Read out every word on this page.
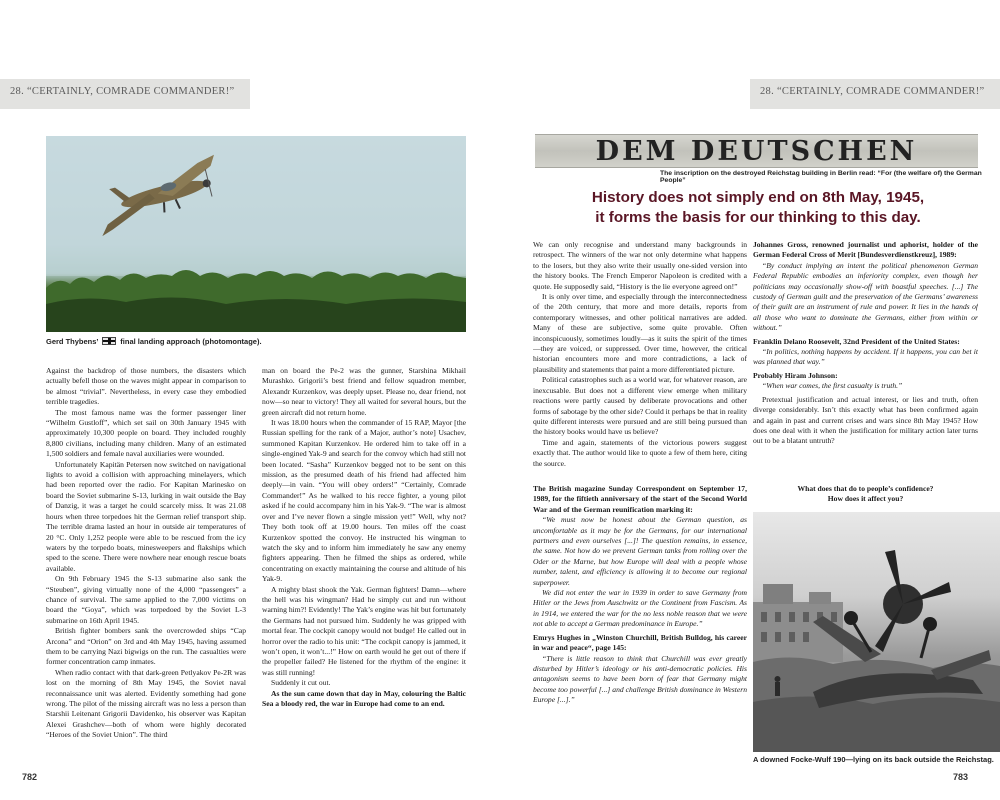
28. “CERTAINLY, COMRADE COMMANDER!”
Gerd Thybens’	final landing approach (photomontage).

Against the backdrop of those numbers, the disasters which actually befell those on the waves might appear in comparison to be almost “trivial”. Nevertheless, in every case they embodied terrible tragedies.

The most famous name was the former passenger liner “Wilhelm Gustloff”, which set sail on 30th January 1945 with approximately 10,300 people on board. They included roughly 8,800 civilians, including many children. Many of an estimated 1,500 soldiers and female naval auxiliaries were wounded.

Unfortunately Kapitän Petersen now switched on navigational lights to avoid a collision with approaching minelayers, which had been reported over the radio. For Kapitan Marinesko on board the Soviet submarine S-13, lurking in wait outside the Bay of Danzig, it was a target he could scarcely miss. It was 21.08 hours when three torpedoes hit the German relief transport ship. The terrible drama lasted an hour in outside air temperatures of 20 °C. Only 1,252 people were able to be rescued from the icy waters by the torpedo boats, minesweepers and flakships which sped to the scene. There were nowhere near enough rescue boats available.

On 9th February 1945 the S-13 submarine also sank the “Steuben”, giving virtually none of the 4,000 “passengers” a chance of survival. The same applied to the 7,000 victims on board the “Goya”, which was torpedoed by the Soviet L-3 submarine on 16th April 1945.

British fighter bombers sank the overcrowded ships “Cap Arcona” and “Orion” on 3rd and 4th May 1945, having assumed them to be carrying Nazi bigwigs on the run. The casualties were former concentration camp inmates.

When radio contact with that dark-green Petlyakov Pe-2R was lost on the morning of 8th May 1945, the Soviet naval reconnaissance unit was alerted. Evidently something had gone wrong. The pilot of the missing aircraft was no less a person than Starshii Leitenant Grigorii Davidenko, his observer was Kapitan Alexei Grashchev—both of whom were highly decorated “Heroes of the Soviet Union”. The third

man on board the Pe-2 was the gunner, Starshina Mikhail Murashko. Grigorii’s best friend and fellow squadron member, Alexandr Kurzenkov, was deeply upset. Please no, dear friend, not now—so near to victory! They all waited for several hours, but the green aircraft did not return home.

It was 18.00 hours when the commander of 15 RAP, Mayor [the Russian spelling for the rank of a Major, author’s note] Usachev, summoned Kapitan Kurzenkov. He ordered him to take off in a single-engined Yak-9 and search for the convoy which had still not been located. “Sasha” Kurzenkov begged not to be sent on this mission, as the presumed death of his friend had affected him deeply—in vain. “You will obey orders!” “Certainly, Comrade Commander!” As he walked to his recce fighter, a young pilot asked if he could accompany him in his Yak-9. “The war is almost over and I’ve never flown a single mission yet!” Well, why not? They both took off at 19.00 hours. Ten miles off the coast Kurzenkov spotted the convoy. He instructed his wingman to watch the sky and to inform him immediately he saw any enemy fighters appearing. Then he filmed the ships as ordered, while concentrating on exactly maintaining the course and altitude of his Yak-9.

A mighty blast shook the Yak. German fighters! Damn—where the hell was his wingman? Had he simply cut and run without warning him?! Evidently! The Yak’s engine was hit but fortunately the Germans had not pursued him. Suddenly he was gripped with mortal fear. The cockpit canopy would not budge! He called out in horror over the radio to his unit: “The cockpit canopy is jammed, it won’t open, it won’t...!” How on earth would he get out of there if the propeller failed? He listened for the rhythm of the engine: it was still running!

Suddenly it cut out.

As the sun came down that day in May, colouring the Baltic Sea a bloody red, the war in Europe had come to an end.

782
28. “CERTAINLY, COMRADE COMMANDER!”
DEM DEUTSCHEN
The inscription on the destroyed Reichstag building in Berlin read: “For (the welfare of) the German People”
History does not simply end on 8th May, 1945,
it forms the basis for our thinking to this day.

We can only recognise and understand many backgrounds in retrospect. The winners of the war not only determine what happens to the losers, but they also write their usually one-sided version into the history books. The French Emperor Napoleon is credited with a quote. He supposedly said, “History is the lie everyone agreed on!”

It is only over time, and especially through the interconnectedness of the 20th century, that more and more details, reports from contemporary witnesses, and other political narratives are added. Many of these are subjective, some quite provable. Often inconspicuously, sometimes loudly—as it suits the spirit of the times—they are voiced, or suppressed. Over time, however, the critical historian encounters more and more contradictions, a lack of plausibility and statements that paint a more differentiated picture.

Political catastrophes such as a world war, for whatever reason, are inexcusable. But does not a different view emerge when military reactions were partly caused by deliberate provocations and other forms of sabotage by the other side? Could it perhaps be that in reality quite different interests were pursued and are still being pursued than the history books would have us believe?

Time and again, statements of the victorious powers suggest exactly that. The author would like to quote a few of them here, citing the source.

Johannes Gross, renowned journalist und aphorist, holder of the German Federal Cross of Merit [Bundesverdienstkreuz], 1989:

“By conduct implying an intent the political phenomenon German Federal Republic embodies an inferiority complex, even though her politicians may occasionally show-off with boastful speeches. [...] The custody of German guilt and the preservation of the Germans’ awareness of their guilt are an instrument of rule and power. It lies in the hands of all those who want to dominate the Germans, either from within or without.”

Franklin Delano Roosevelt, 32nd President of the United States:

“In politics, nothing happens by accident. If it happens, you can bet it was planned that way.”

Probably Hiram Johnson:

“When war comes, the first casualty is truth.”

Pretextual justification and actual interest, or lies and truth, often diverge considerably. Isn’t this exactly what has been confirmed again and again in past and current crises and wars since 8th May 1945? How does one deal with it when the justification for military action later turns out to be a blatant untruth?

The British magazine Sunday Correspondent on September 17, 1989, for the fiftieth anniversary of the start of the Second World War and of the German reunification marking it:

“We must now be honest about the German question, as uncomfortable as it may be for the Germans, for our international partners and even ourselves [...]! The question remains, in essence, the same. Not how do we prevent German tanks from rolling over the Oder or the Marne, but how Europe will deal with a people whose number, talent, and efficiency is allowing it to become our regional superpower.

We did not enter the war in 1939 in order to save Germany from Hitler or the Jews from Auschwitz or the Continent from Fascism. As in 1914, we entered the war for the no less noble reason that we were not able to accept a German predominance in Europe.”

Emrys Hughes in „Winston Churchill, British Bulldog, his career in war and peace“, page 145:

“There is little reason to think that Churchill was ever greatly disturbed by Hitler’s ideology or his anti-democratic policies. His antagonism seems to have been born of fear that Germany might become too powerful [...] and challenge British dominance in Western Europe [...].”

What does that do to people’s confidence?
How does it affect you?
A downed Focke-Wulf 190—lying on its back outside the Reichstag.
783
